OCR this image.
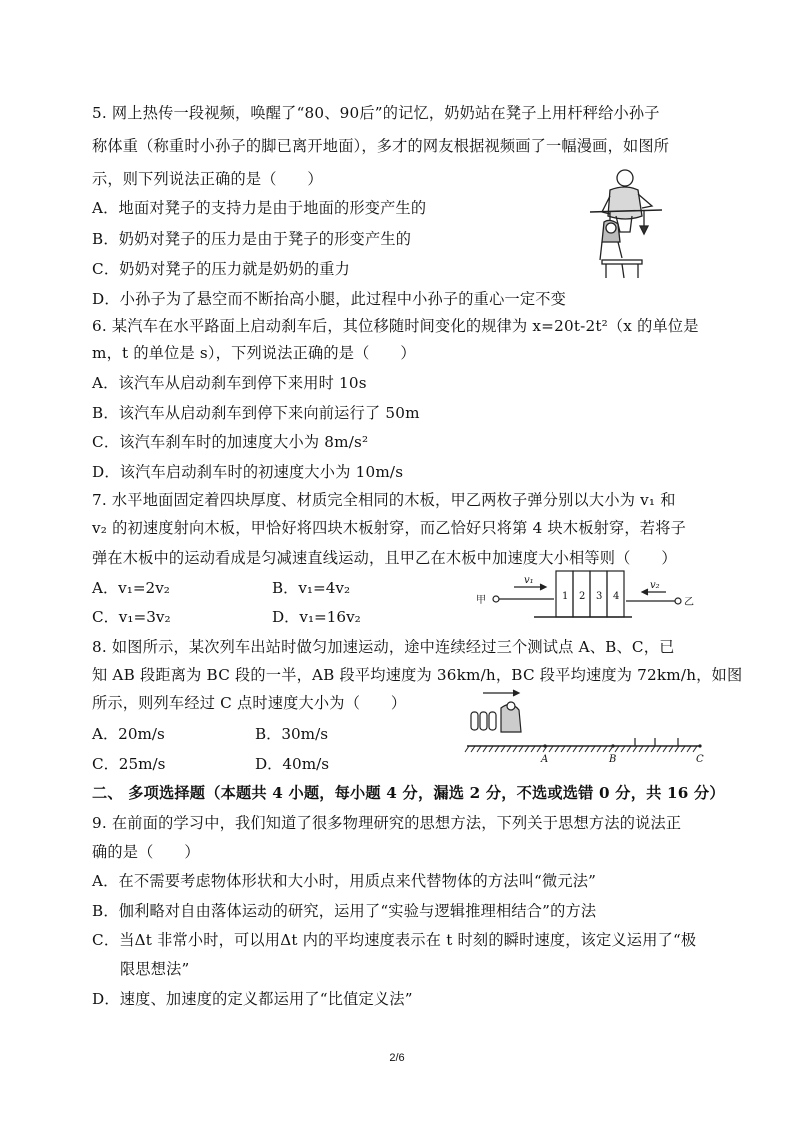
5. 网上热传一段视频，唤醒了“80、90后”的记忆，奶奶站在凳子上用杆秤给小孙子
称体重（称重时小孙子的脚已离开地面），多才的网友根据视频画了一幅漫画，如图所
示，则下列说法正确的是（　　）
A．地面对凳子的支持力是由于地面的形变产生的
B．奶奶对凳子的压力是由于凳子的形变产生的
C．奶奶对凳子的压力就是奶奶的重力
D．小孙子为了悬空而不断抬高小腿，此过程中小孙子的重心一定不变
6. 某汽车在水平路面上启动刹车后，其位移随时间变化的规律为 x=20t-2t²（x 的单位是
m，t 的单位是 s），下列说法正确的是（　　）
A．该汽车从启动刹车到停下来用时 10s
B．该汽车从启动刹车到停下来向前运行了 50m
C．该汽车刹车时的加速度大小为 8m/s²
D．该汽车启动刹车时的初速度大小为 10m/s
7. 水平地面固定着四块厚度、材质完全相同的木板，甲乙两枚子弹分别以大小为 v₁ 和
v₂ 的初速度射向木板，甲恰好将四块木板射穿，而乙恰好只将第 4 块木板射穿，若将子
弹在木板中的运动看成是匀减速直线运动，且甲乙在木板中加速度大小相等则（　　）
A．v₁=2v₂	B．v₁=4v₂
C．v₁=3v₂	D．v₁=16v₂
甲	乙
v₁	v₂
1 2 3 4
8. 如图所示，某次列车出站时做匀加速运动，途中连续经过三个测试点 A、B、C，已
知 AB 段距离为 BC 段的一半，AB 段平均速度为 36km/h，BC 段平均速度为 72km/h，如图
所示，则列车经过 C 点时速度大小为（　　）
A．20m/s	B．30m/s
C．25m/s	D．40m/s	A	B	C
二、 多项选择题（本题共 4 小题，每小题 4 分，漏选 2 分，不选或选错 0 分，共 16 分）
9. 在前面的学习中，我们知道了很多物理研究的思想方法，下列关于思想方法的说法正
确的是（　　）
A．在不需要考虑物体形状和大小时，用质点来代替物体的方法叫“微元法”
B．伽利略对自由落体运动的研究，运用了“实验与逻辑推理相结合”的方法
C．当Δt 非常小时，可以用Δt 内的平均速度表示在 t 时刻的瞬时速度，该定义运用了“极
限思想法”
D．速度、加速度的定义都运用了“比值定义法”
2/6
